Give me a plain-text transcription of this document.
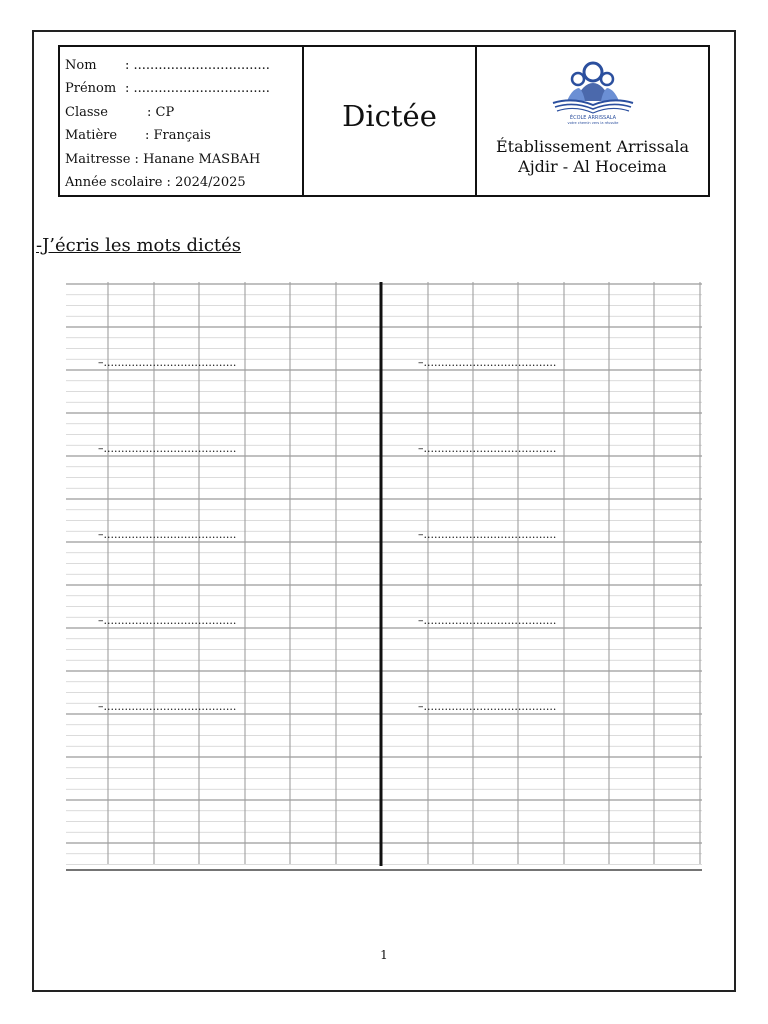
Nom	:
.................................
Prénom :
.................................
Classe	:
CP
Matière	:
Français
Maitresse
:
Hanane MASBAH
Année scolaire
:
2024/2025
Dictée	ÉCOLE ARRISSALA
votre chemin vers la réussite
Établissement Arrissala
Ajdir - Al Hoceima
-J’écris les mots dictés
–......................................
–......................................
–......................................
–......................................
–......................................
–......................................
–......................................
–......................................
–......................................
–......................................
1
